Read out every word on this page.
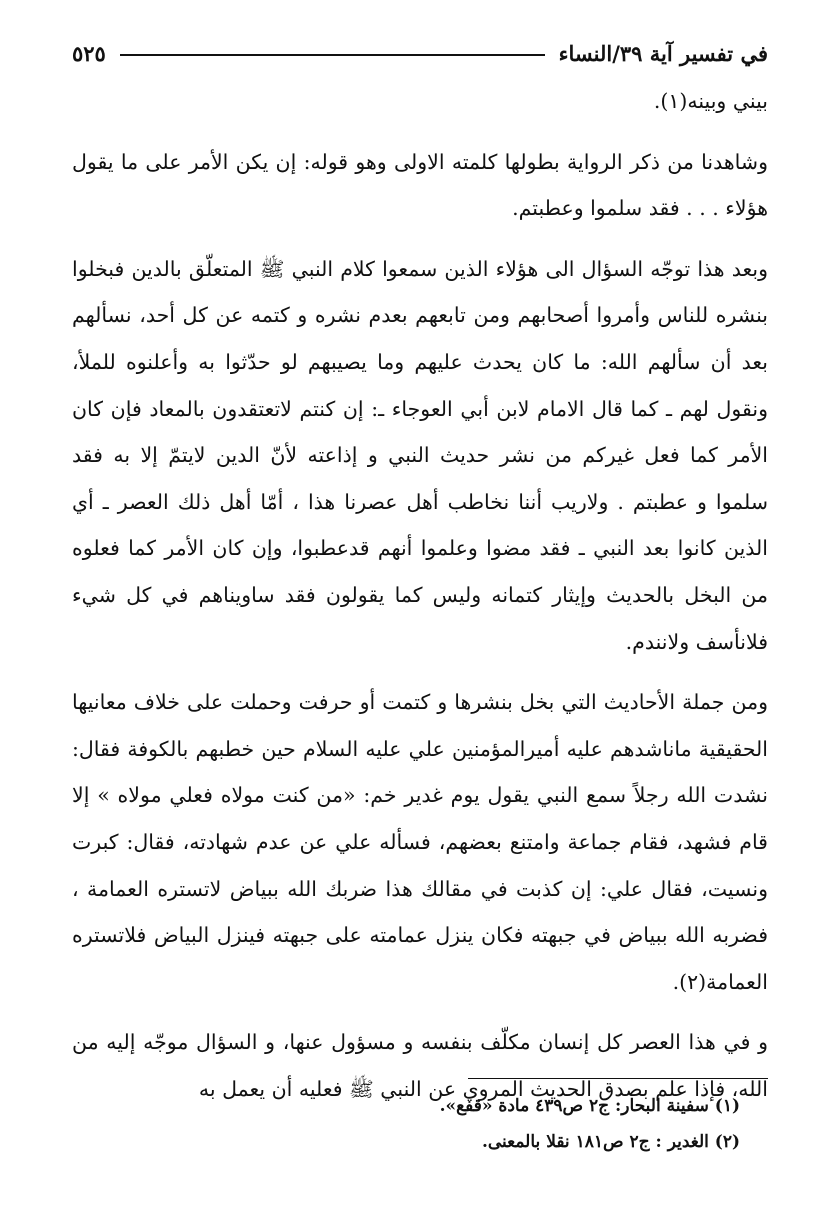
في تفسير آية ٣٩/النساء
٥٢٥

بيني وبينه(١).

وشاهدنا من ذكر الرواية بطولها كلمته الاولى وهو قوله: إن يكن الأمر على ما يقول هؤلاء . . . فقد سلموا وعطبتم.

وبعد هذا توجّه السؤال الى هؤلاء الذين سمعوا كلام النبي ﷺ المتعلّق بالدين فبخلوا بنشره للناس وأمروا أصحابهم ومن تابعهم بعدم نشره و كتمه عن كل أحد، نسألهم بعد أن سألهم الله: ما كان يحدث عليهم وما يصيبهم لو حدّثوا به وأعلنوه للملأ، ونقول لهم ـ كما قال الامام لابن أبي العوجاء ـ: إن كنتم لاتعتقدون بالمعاد فإن كان الأمر كما فعل غيركم من نشر حديث النبي و إذاعته لأنّ الدين لايتمّ إلا به فقد سلموا و عطبتم . ولاريب أننا نخاطب أهل عصرنا هذا ، أمّا أهل ذلك العصر ـ أي الذين كانوا بعد النبي ـ فقد مضوا وعلموا أنهم قدعطبوا، وإن كان الأمر كما فعلوه من البخل بالحديث وإيثار كتمانه وليس كما يقولون فقد ساويناهم في كل شيء فلانأسف ولانندم.

ومن جملة الأحاديث التي بخل بنشرها و كتمت أو حرفت وحملت على خلاف معانيها الحقيقية ماناشدهم عليه أميرالمؤمنين علي عليه السلام حين خطبهم بالكوفة فقال: نشدت الله رجلاً سمع النبي يقول يوم غدير خم: «من كنت مولاه فعلي مولاه » إلا قام فشهد، فقام جماعة وامتنع بعضهم، فسأله علي عن عدم شهادته، فقال: كبرت ونسيت، فقال علي: إن كذبت في مقالك هذا ضربك الله ببياض لاتستره العمامة ، فضربه الله ببياض في جبهته فكان ينزل عمامته على جبهته فينزل البياض فلاتستره العمامة(٢).

و في هذا العصر كل إنسان مكلّف بنفسه و مسؤول عنها، و السؤال موجّه إليه من الله، فإذا علم بصدق الحديث المروي عن النبي ﷺ فعليه أن يعمل به

(١) سفينة البحار: ج٢ ص٤٣٩ مادة «قفع».

(٢) الغدير : ج٢ ص١٨١ نقلا بالمعنى.
